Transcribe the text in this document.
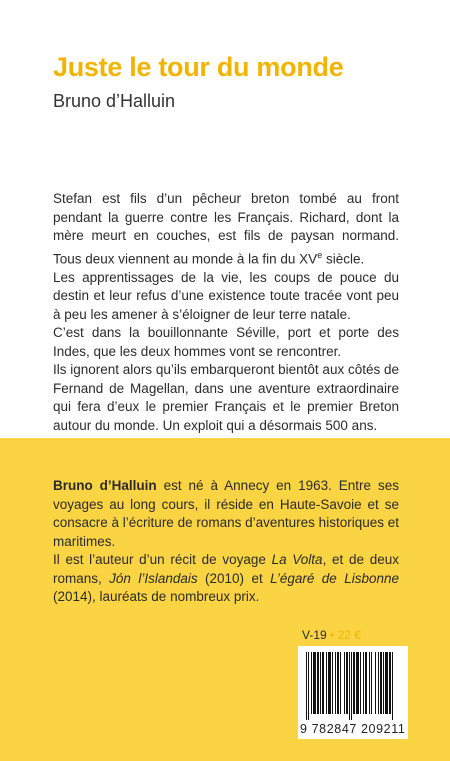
Juste le tour du monde
Bruno d’Halluin

Stefan est fils d’un pêcheur breton tombé au front pendant la guerre contre les Français. Richard, dont la mère meurt en couches, est fils de paysan normand. Tous deux viennent au monde à la fin du XVe siècle.

Les apprentissages de la vie, les coups de pouce du destin et leur refus d’une existence toute tracée vont peu à peu les amener à s’éloigner de leur terre natale.

C’est dans la bouillonnante Séville, port et porte des Indes, que les deux hommes vont se rencontrer.

Ils ignorent alors qu’ils embarqueront bientôt aux côtés de Fernand de Magellan, dans une aventure extraordinaire qui fera d’eux le premier Français et le premier Breton autour du monde. Un exploit qui a désormais 500 ans.

Bruno d’Halluin est né à Annecy en 1963. Entre ses voyages au long cours, il réside en Haute-Savoie et se consacre à l’écriture de romans d’aventures historiques et maritimes.

Il est l’auteur d’un récit de voyage La Volta, et de deux romans, Jón l’Islandais (2010) et L’égaré de Lisbonne (2014), lauréats de nombreux prix.

V-19 • 22 €
9 782847 209211
